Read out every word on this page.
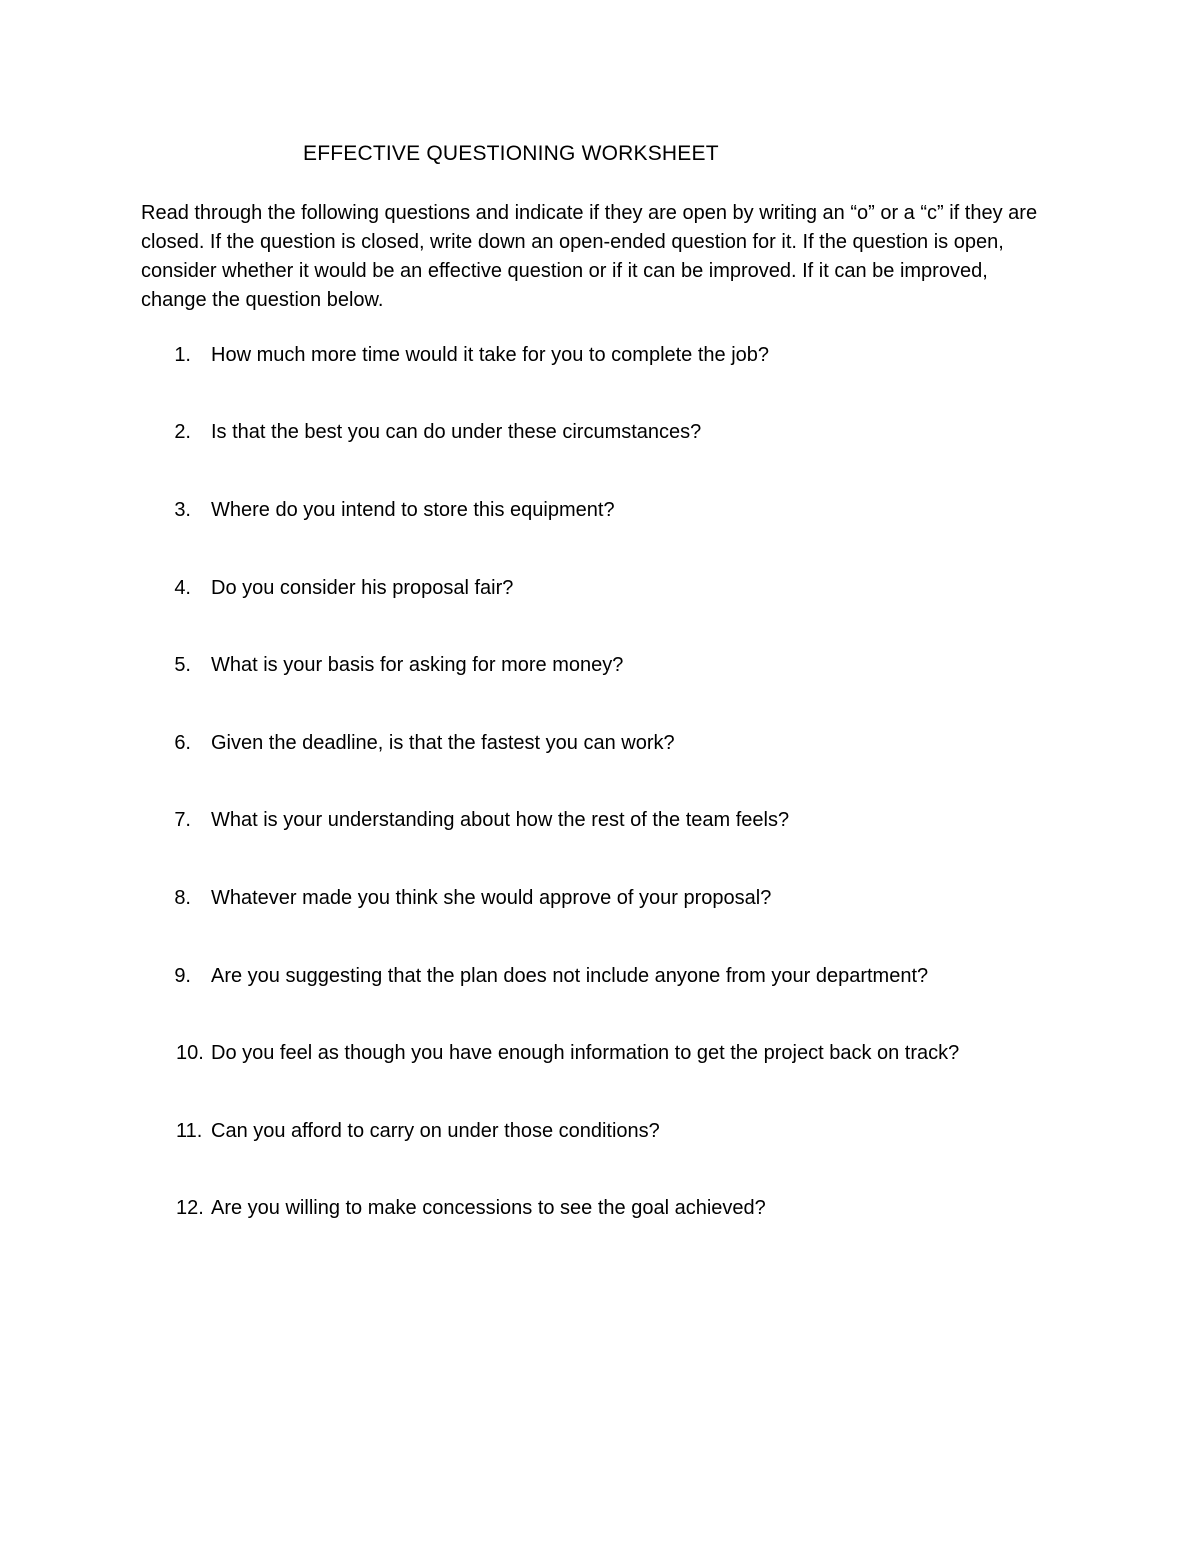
EFFECTIVE QUESTIONING WORKSHEET

Read through the following questions and indicate if they are open by writing an “o” or a “c” if they are closed. If the question is closed, write down an open-ended question for it. If the question is open, consider whether it would be an effective question or if it can be improved. If it can be improved, change the question below.

1. How much more time would it take for you to complete the job?
2. Is that the best you can do under these circumstances?
3. Where do you intend to store this equipment?
4. Do you consider his proposal fair?
5. What is your basis for asking for more money?
6. Given the deadline, is that the fastest you can work?
7. What is your understanding about how the rest of the team feels?
8. Whatever made you think she would approve of your proposal?
9. Are you suggesting that the plan does not include anyone from your department?
10. Do you feel as though you have enough information to get the project back on track?
11. Can you afford to carry on under those conditions?
12. Are you willing to make concessions to see the goal achieved?
